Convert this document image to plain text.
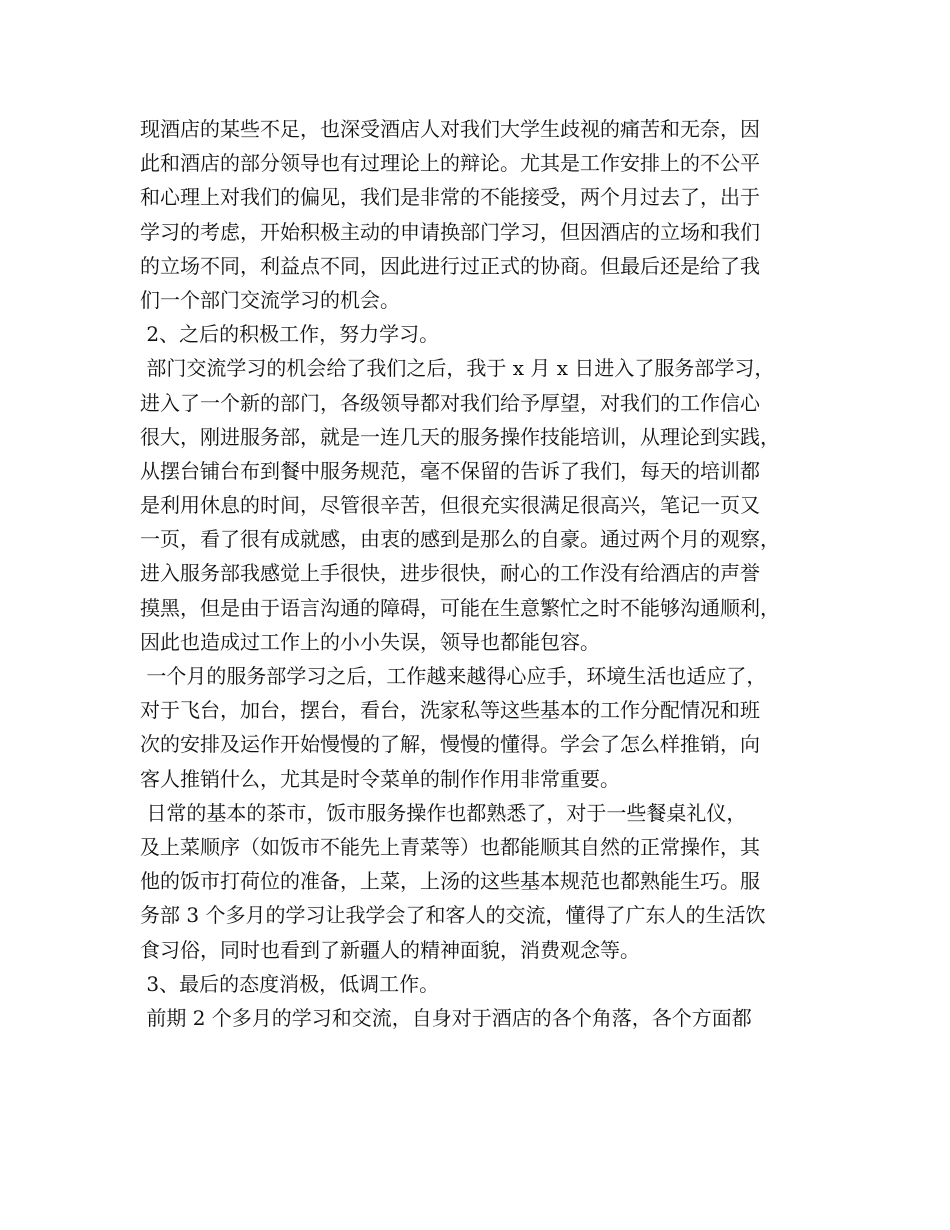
现酒店的某些不足，也深受酒店人对我们大学生歧视的痛苦和无奈，因
此和酒店的部分领导也有过理论上的辩论。尤其是工作安排上的不公平
和心理上对我们的偏见，我们是非常的不能接受，两个月过去了，出于
学习的考虑，开始积极主动的申请换部门学习，但因酒店的立场和我们
的立场不同，利益点不同，因此进行过正式的协商。但最后还是给了我
们一个部门交流学习的机会。
2、之后的积极工作，努力学习。
部门交流学习的机会给了我们之后，我于 x 月 x 日进入了服务部学习，
进入了一个新的部门，各级领导都对我们给予厚望，对我们的工作信心
很大，刚进服务部，就是一连几天的服务操作技能培训，从理论到实践，
从摆台铺台布到餐中服务规范，毫不保留的告诉了我们，每天的培训都
是利用休息的时间，尽管很辛苦，但很充实很满足很高兴，笔记一页又
一页，看了很有成就感，由衷的感到是那么的自豪。通过两个月的观察，
进入服务部我感觉上手很快，进步很快，耐心的工作没有给酒店的声誉
摸黑，但是由于语言沟通的障碍，可能在生意繁忙之时不能够沟通顺利，
因此也造成过工作上的小小失误，领导也都能包容。
一个月的服务部学习之后，工作越来越得心应手，环境生活也适应了，
对于飞台，加台，摆台，看台，洗家私等这些基本的工作分配情况和班
次的安排及运作开始慢慢的了解，慢慢的懂得。学会了怎么样推销，向
客人推销什么，尤其是时令菜单的制作作用非常重要。
日常的基本的茶市，饭市服务操作也都熟悉了，对于一些餐桌礼仪，
及上菜顺序（如饭市不能先上青菜等）也都能顺其自然的正常操作，其
他的饭市打荷位的准备，上菜，上汤的这些基本规范也都熟能生巧。服
务部 3 个多月的学习让我学会了和客人的交流，懂得了广东人的生活饮
食习俗，同时也看到了新疆人的精神面貌，消费观念等。
3、最后的态度消极，低调工作。
前期 2 个多月的学习和交流，自身对于酒店的各个角落，各个方面都
